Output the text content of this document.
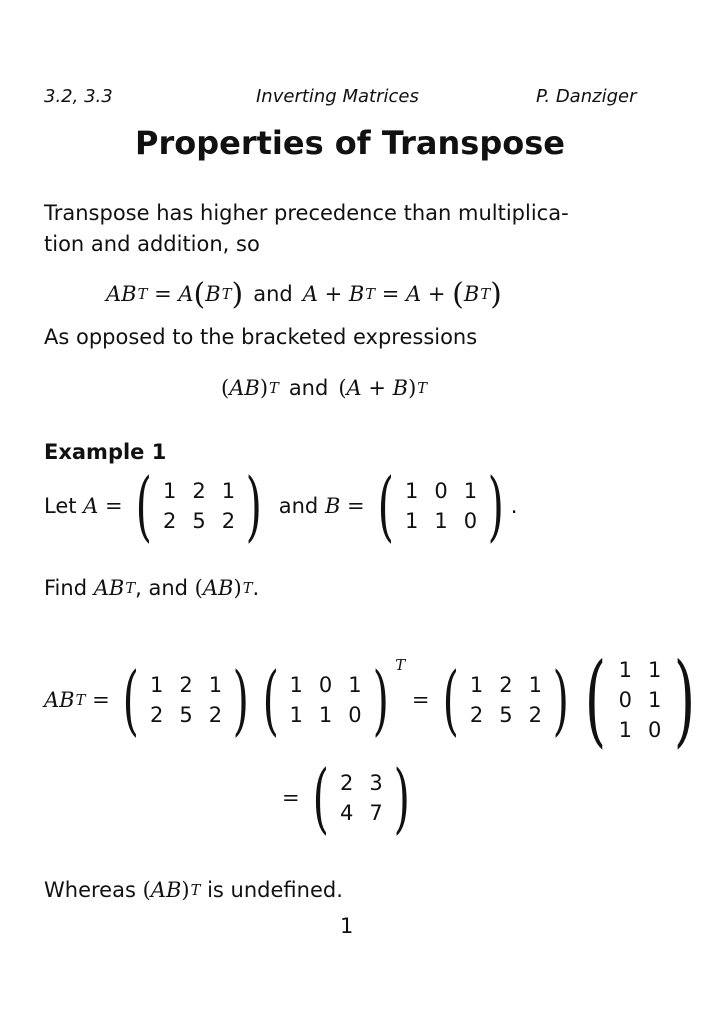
3.2, 3.3	Inverting Matrices	P. Danziger
Properties of Transpose
Transpose has higher precedence than multiplica-
tion and addition, so
AB T = A ( B T ) and A + B T = A + ( B T )
As opposed to the bracketed expressions
( AB ) T and ( A + B ) T
Example 1
Let
A = ( 1 2 1
2 5 2 ) and
B = ( 1 0 1
1 1 0 ) .
Find
AB T , and
( AB ) T .
AB T = ( 1 2 1
2 5 2 ) ( 1 0 1
1 1 0 ) T
= ( 1 2 1
2 5 2 ) ( 1 1
0 1
1 0 )
= ( 2 3
4 7 )
Whereas
( AB ) T
is undefined.
1
